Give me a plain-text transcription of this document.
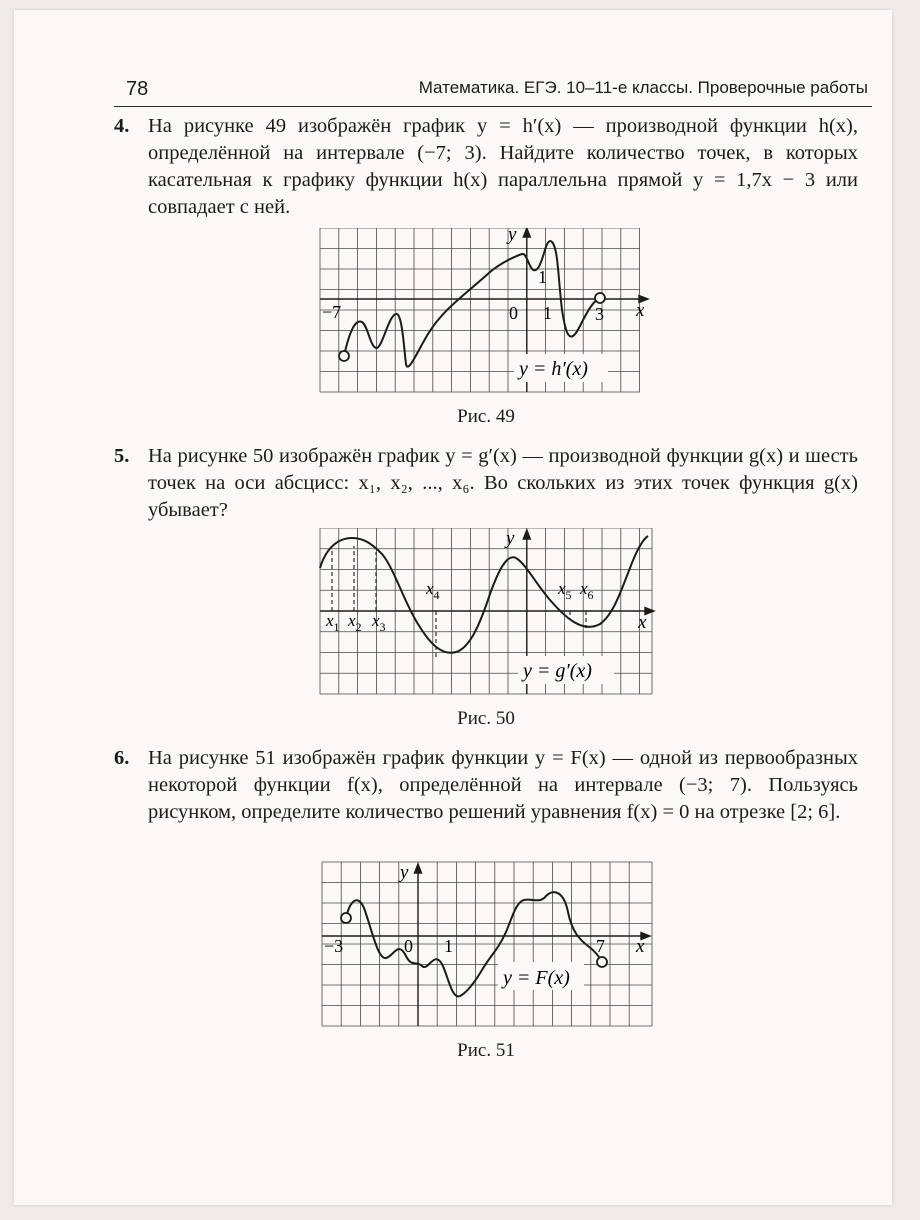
78	Математика. ЕГЭ. 10–11-е классы. Проверочные работы
4. На рисунке 49 изображён график y = h′(x) — производной функции h(x), определённой на интервале (−7; 3). Найдите количество точек, в которых касательная к графику функции h(x) параллельна прямой y = 1,7x − 3 или совпадает с ней.
y
x
0
−7	1
1
3
y = h′(x)
Рис. 49
5. На рисунке 50 изображён график y = g′(x) — производной функции g(x) и шесть точек на оси абсцисс: x₁, x₂, ..., x₆. Во скольких из этих точек функция g(x) убывает?
y
x
$x_1$ $x_2$ $x_3$
$x_4$	$x_5$ $x_6$
y = g′(x)
Рис. 50
6. На рисунке 51 изображён график функции y = F(x) — одной из первообразных некоторой функции f(x), определённой на интервале (−3; 7). Пользуясь рисунком, определите количество решений уравнения f(x) = 0 на отрезке [2; 6].
y
x
0
−3	1	7
y = F(x)
Рис. 51
